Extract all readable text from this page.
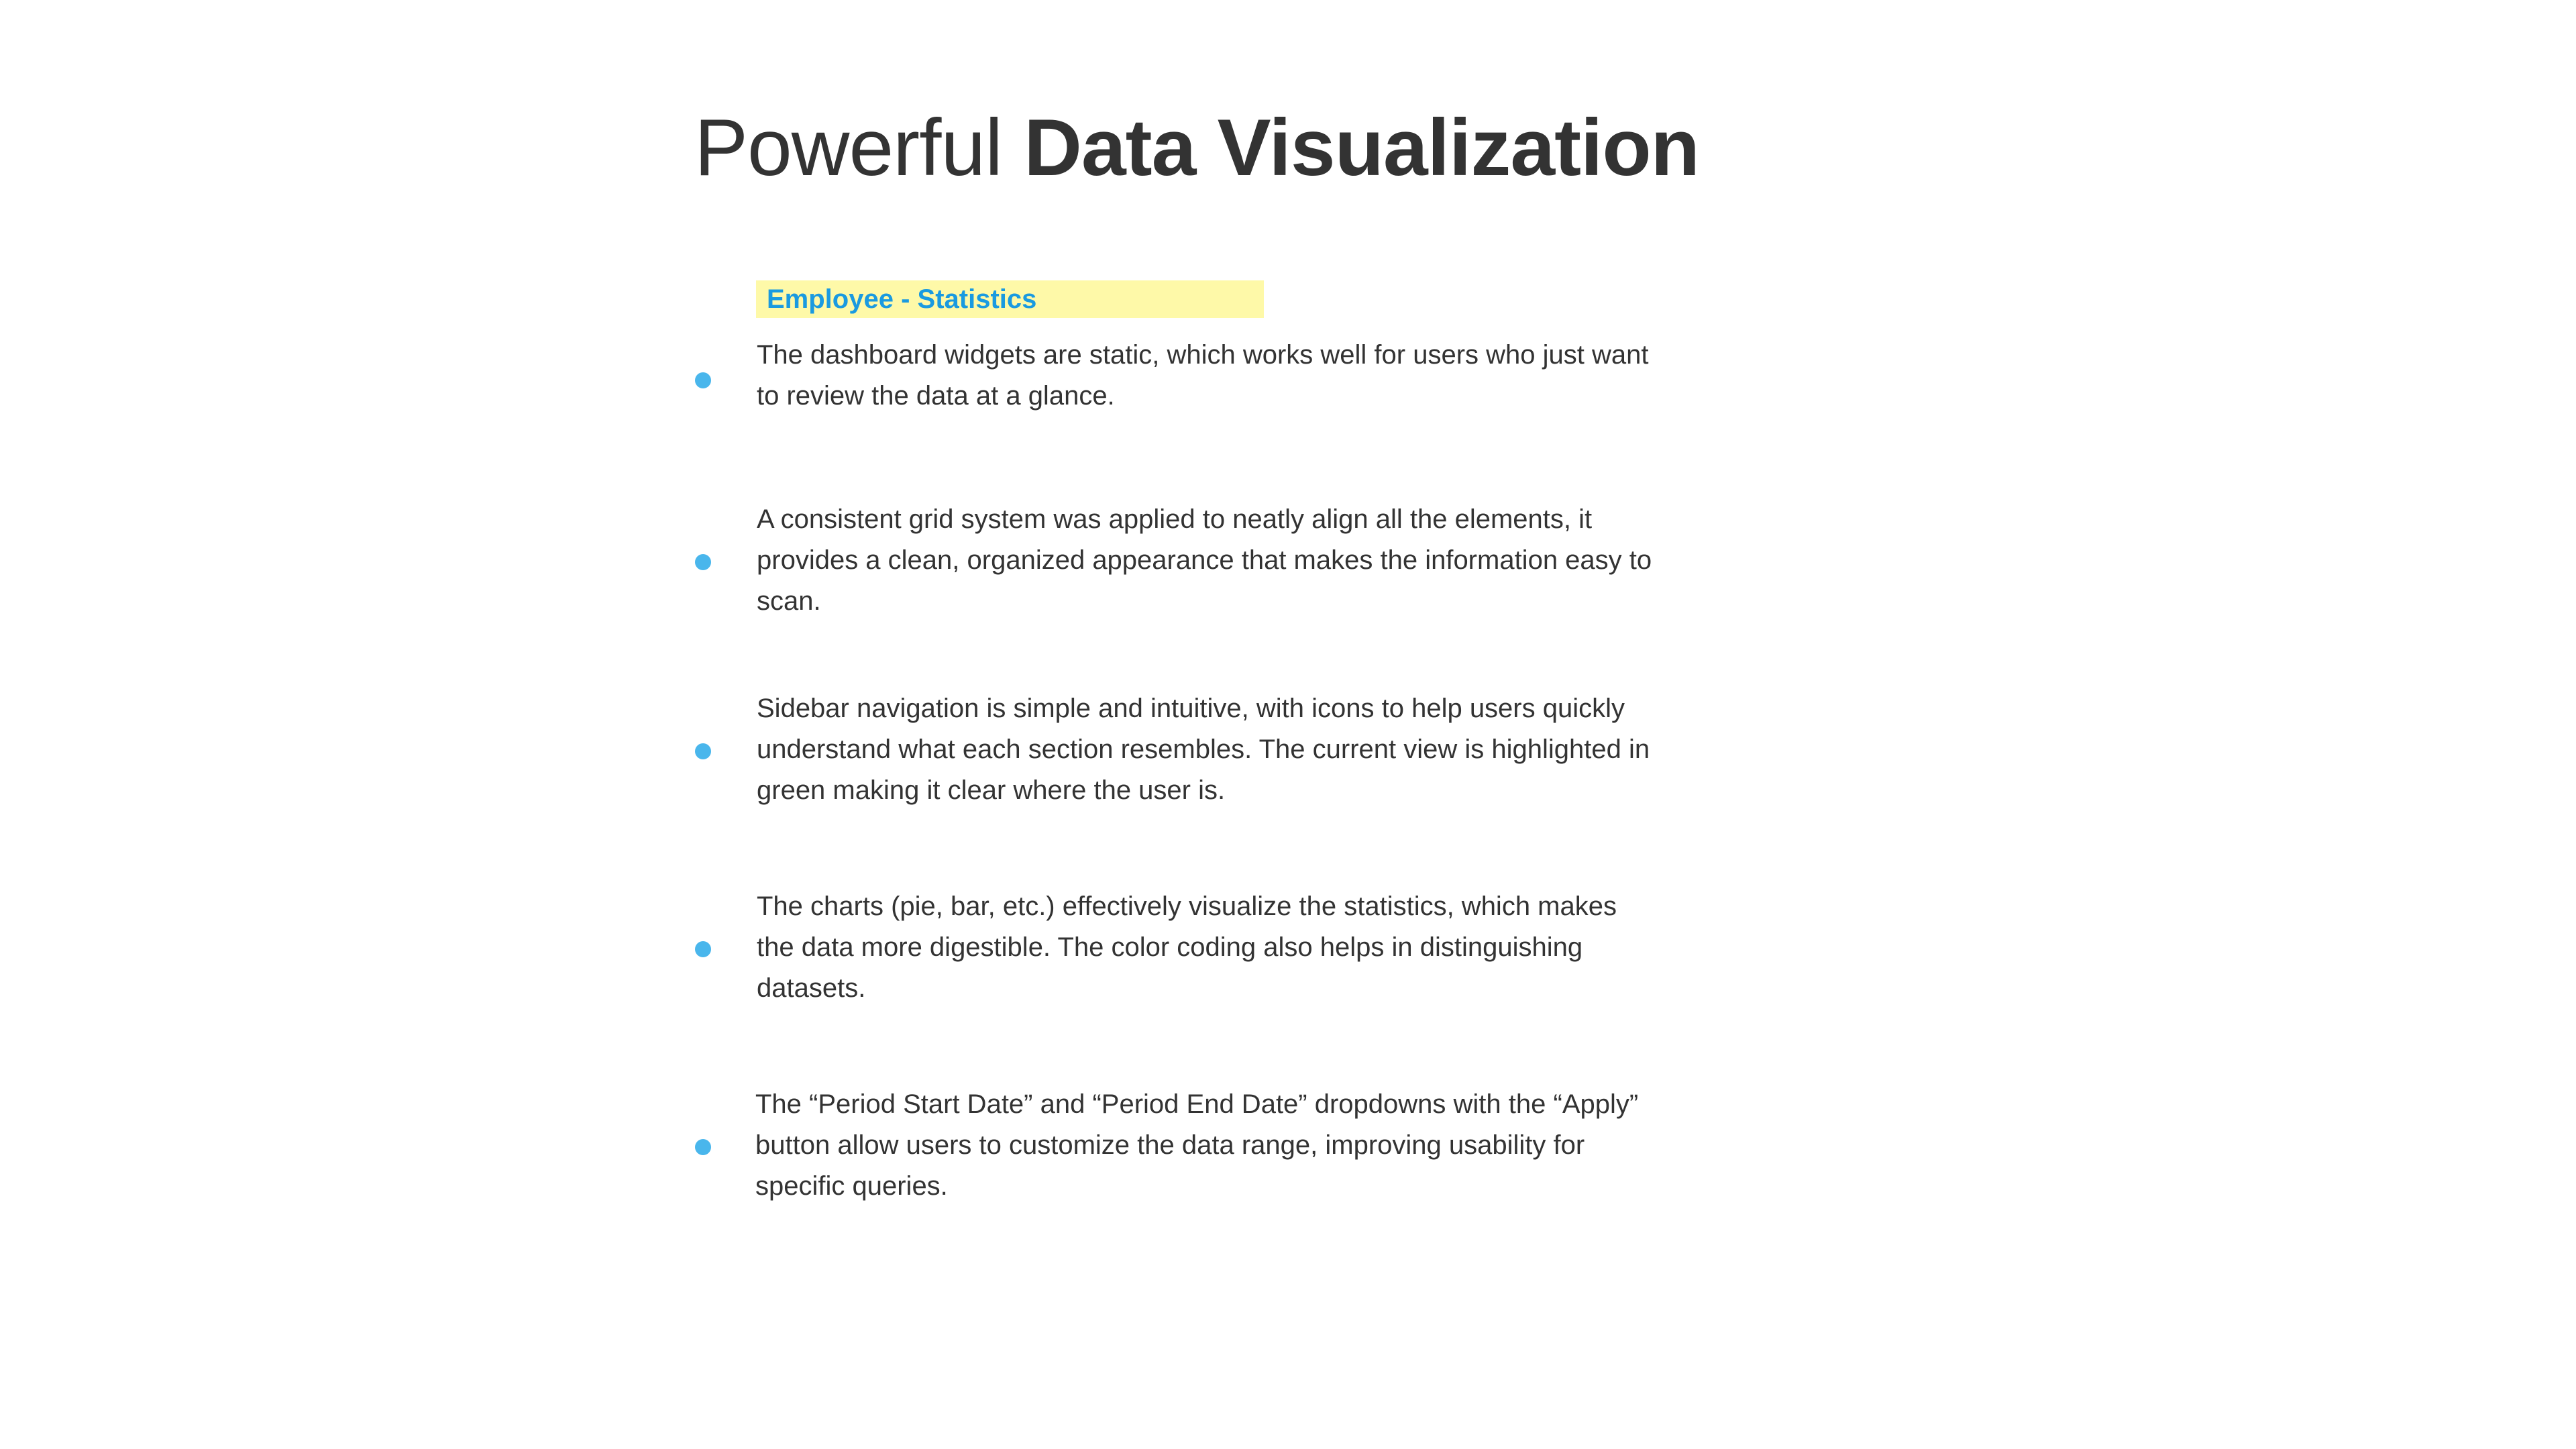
Powerful Data Visualization
Employee - Statistics

The dashboard widgets are static, which works well for users who just want to review the data at a glance.

A consistent grid system was applied to neatly align all the elements, it provides a clean, organized appearance that makes the information easy to scan.

Sidebar navigation is simple and intuitive, with icons to help users quickly understand what each section resembles. The current view is highlighted in green making it clear where the user is.

The charts (pie, bar, etc.) effectively visualize the statistics, which makes the data more digestible. The color coding also helps in distinguishing datasets.

The “Period Start Date” and “Period End Date” dropdowns with the “Apply” button allow users to customize the data range, improving usability for specific queries.
